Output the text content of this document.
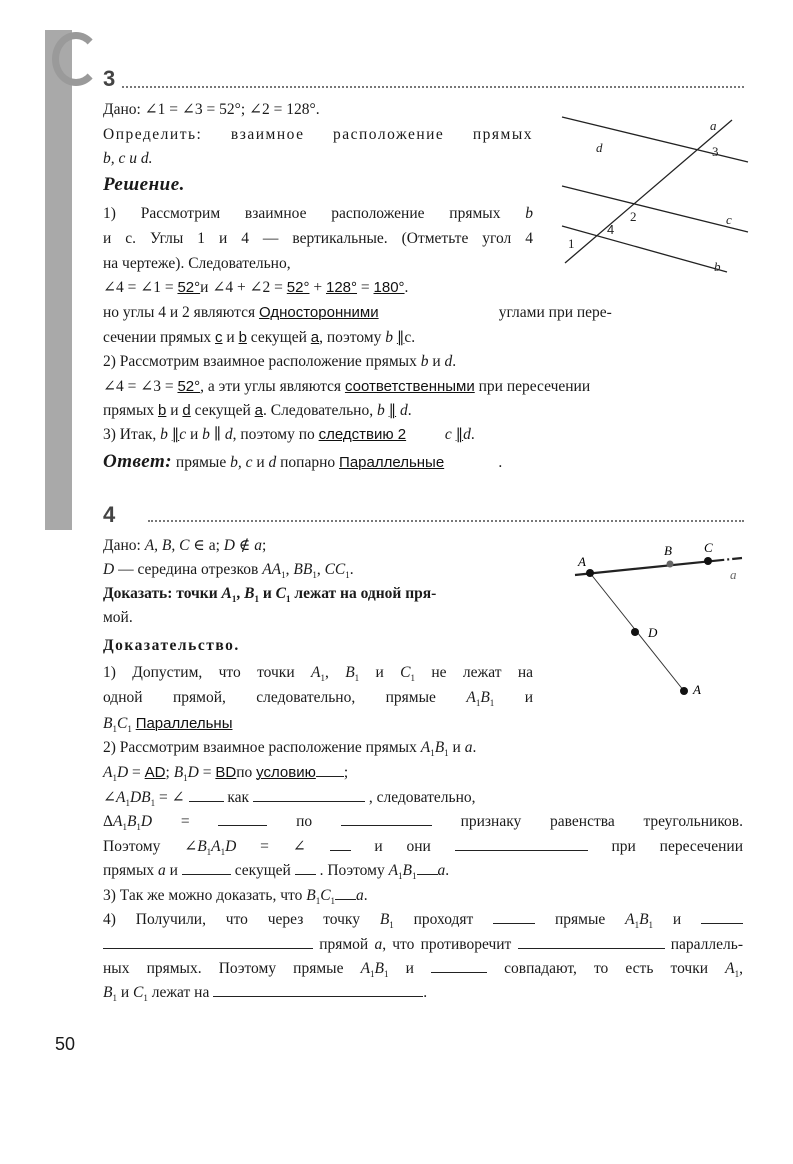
3
Дано: ∠1 = ∠3 = 52°; ∠2 = 128°.
Определить: взаимное расположение прямых
b, c и d.
Решение.
1) Рассмотрим взаимное расположение прямых b
и с. Углы 1 и 4 — вертикальные. (Отметьте угол 4
на чертеже). Следовательно,
∠4 = ∠1 = 52°и ∠4 + ∠2 = 52° + 128° = 180°.
но углы 4 и 2 являются Односторонними	углами при пере-
сечении прямых c и b секущей a, поэтому b ∥c.
2) Рассмотрим взаимное расположение прямых b и d.
∠4 = ∠3 = 52°, а эти углы являются соответственными при пересечении
прямых b и d секущей a. Следовательно, b ∥ d.
3) Итак, b ∥c и b ∥ d, поэтому по следствию 2	c ∥d.
Ответ: прямые b, c и d попарно Параллельные	.
4
Дано: A, B, C ∈ a; D ∉ a;
D — середина отрезков $AA_1$, $BB_1$, $CC_1$.
Доказать: точки $A_1$, $B_1$ и $C_1$ лежат на одной пря-
мой.
Доказательство.
1) Допустим, что точки $A_1$, $B_1$ и $C_1$ не лежат на
одной прямой, следовательно, прямые $A_1B_1$ и
$B_1C_1$ Параллельны
2) Рассмотрим взаимное расположение прямых $A_1B_1$ и a.
$A_1D$ = AD; $B_1D$ = BDпо условию ;
$\angle A_1DB_1$ = ∠  как	, следовательно,
$\Delta A_1B_1D$ =	по	признаку равенства треугольников.
Поэтому $\angle B_1A_1D$ = ∠  и они	при пересечении
прямых a и	секущей  . Поэтому $A_1B_1$ a.
3) Так же можно доказать, что $B_1C_1$ a.
4) Получили, что через точку $B_1$ проходят	прямые $A_1B_1$ и
прямой a, что противоречит	параллель-
ных прямых. Поэтому прямые $A_1B_1$ и	совпадают, то есть точки $A_1$,
$B_1$ и $C_1$ лежат на	.
a
d	3
2	c
4
1
b
A
B C
D
A
a
50
